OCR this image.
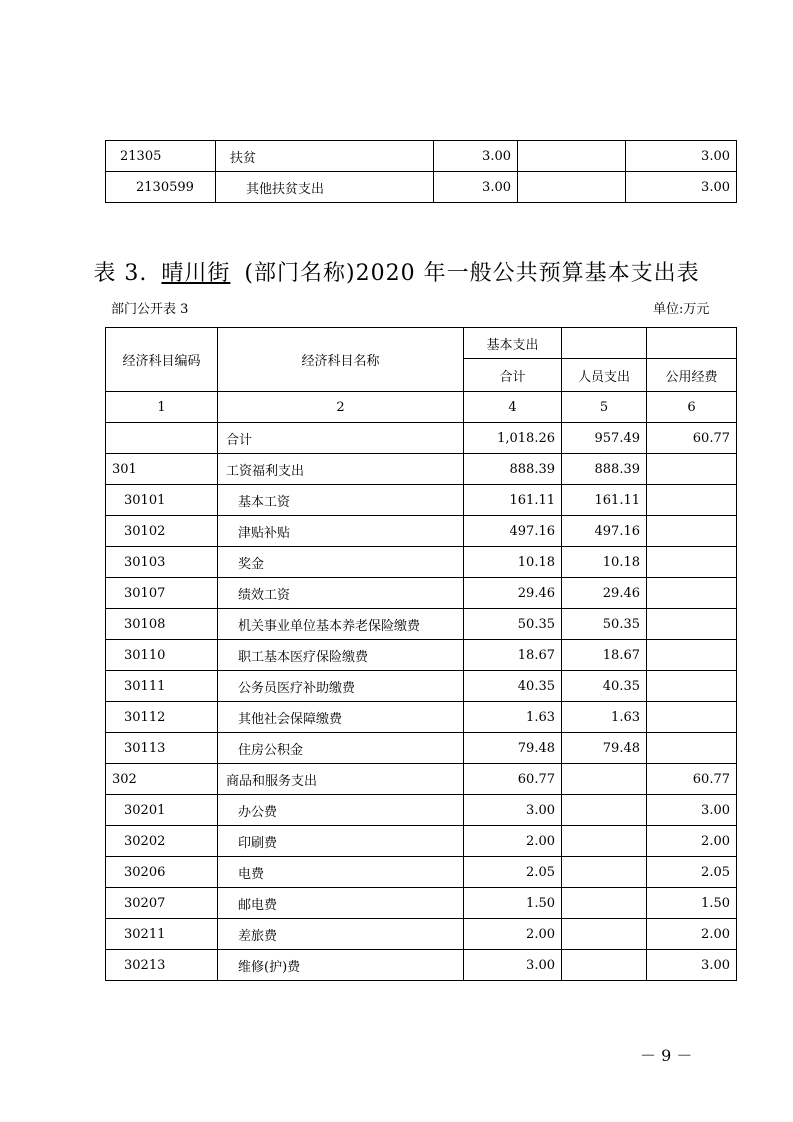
21305	扶贫	3.00		3.00
2130599	其他扶贫支出	3.00		3.00
表 3. 晴川街 (部门名称)2020 年一般公共预算基本支出表
部门公开表 3	单位:万元
经济科目编码	经济科目名称	基本支出		
		合计	人员支出	公用经费
1	2	4	5	6
	合计	1,018.26	957.49	60.77
301	工资福利支出	888.39	888.39	
30101	基本工资	161.11	161.11	
30102	津贴补贴	497.16	497.16	
30103	奖金	10.18	10.18	
30107	绩效工资	29.46	29.46	
30108	机关事业单位基本养老保险缴费	50.35	50.35	
30110	职工基本医疗保险缴费	18.67	18.67	
30111	公务员医疗补助缴费	40.35	40.35	
30112	其他社会保障缴费	1.63	1.63	
30113	住房公积金	79.48	79.48	
302	商品和服务支出	60.77		60.77
30201	办公费	3.00		3.00
30202	印刷费	2.00		2.00
30206	电费	2.05		2.05
30207	邮电费	1.50		1.50
30211	差旅费	2.00		2.00
30213	维修(护)费	3.00		3.00
－ 9 －
